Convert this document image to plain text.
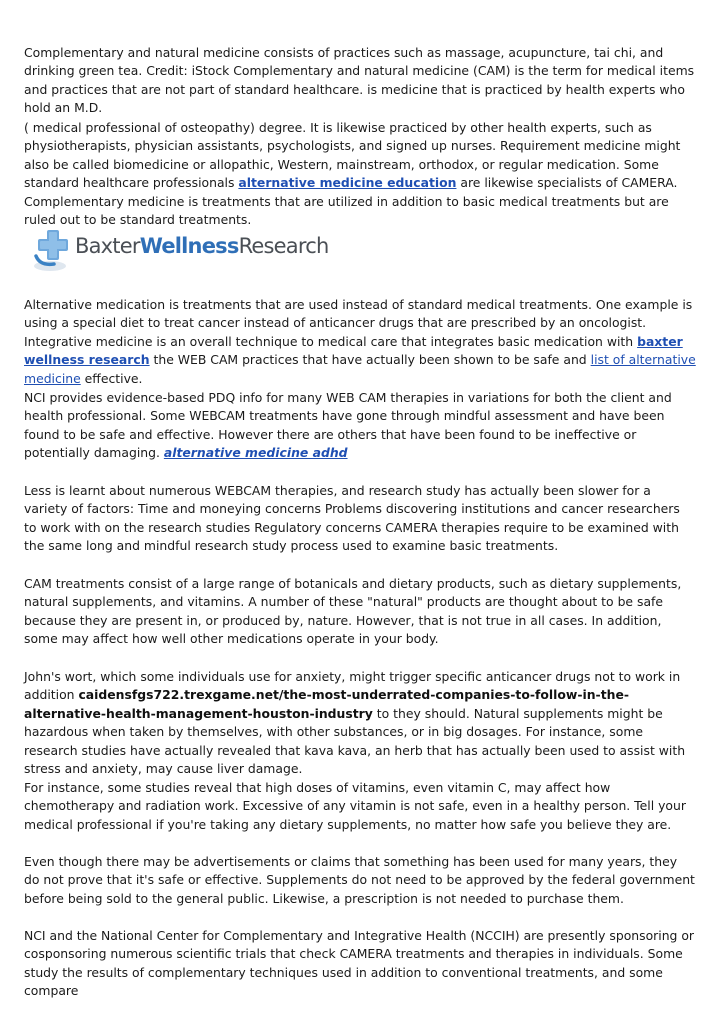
Complementary and natural medicine consists of practices such as massage, acupuncture, tai chi, and drinking green tea. Credit: iStock Complementary and natural medicine (CAM) is the term for medical items and practices that are not part of standard healthcare. is medicine that is practiced by health experts who hold an M.D.

( medical professional of osteopathy) degree. It is likewise practiced by other health experts, such as physiotherapists, physician assistants, psychologists, and signed up nurses. Requirement medicine might also be called biomedicine or allopathic, Western, mainstream, orthodox, or regular medication. Some standard healthcare professionals alternative medicine education are likewise specialists of CAMERA. Complementary medicine is treatments that are utilized in addition to basic medical treatments but are ruled out to be standard treatments.

BaxterWellnessResearch

Alternative medication is treatments that are used instead of standard medical treatments. One example is using a special diet to treat cancer instead of anticancer drugs that are prescribed by an oncologist. Integrative medicine is an overall technique to medical care that integrates basic medication with baxter wellness research the WEB CAM practices that have actually been shown to be safe and list of alternative medicine effective.

NCI provides evidence-based PDQ info for many WEB CAM therapies in variations for both the client and health professional. Some WEBCAM treatments have gone through mindful assessment and have been found to be safe and effective. However there are others that have been found to be ineffective or potentially damaging. alternative medicine adhd

Less is learnt about numerous WEBCAM therapies, and research study has actually been slower for a variety of factors: Time and moneying concerns Problems discovering institutions and cancer researchers to work with on the research studies Regulatory concerns CAMERA therapies require to be examined with the same long and mindful research study process used to examine basic treatments.

CAM treatments consist of a large range of botanicals and dietary products, such as dietary supplements, natural supplements, and vitamins. A number of these "natural" products are thought about to be safe because they are present in, or produced by, nature. However, that is not true in all cases. In addition, some may affect how well other medications operate in your body.

John's wort, which some individuals use for anxiety, might trigger specific anticancer drugs not to work in addition caidensfgs722.trexgame.net/the-most-underrated-companies-to-follow-in-the-alternative-health-management-houston-industry to they should. Natural supplements might be hazardous when taken by themselves, with other substances, or in big dosages. For instance, some research studies have actually revealed that kava kava, an herb that has actually been used to assist with stress and anxiety, may cause liver damage.

For instance, some studies reveal that high doses of vitamins, even vitamin C, may affect how chemotherapy and radiation work. Excessive of any vitamin is not safe, even in a healthy person. Tell your medical professional if you're taking any dietary supplements, no matter how safe you believe they are.

Even though there may be advertisements or claims that something has been used for many years, they do not prove that it's safe or effective. Supplements do not need to be approved by the federal government before being sold to the general public. Likewise, a prescription is not needed to purchase them.

NCI and the National Center for Complementary and Integrative Health (NCCIH) are presently sponsoring or cosponsoring numerous scientific trials that check CAMERA treatments and therapies in individuals. Some study the results of complementary techniques used in addition to conventional treatments, and some compare
